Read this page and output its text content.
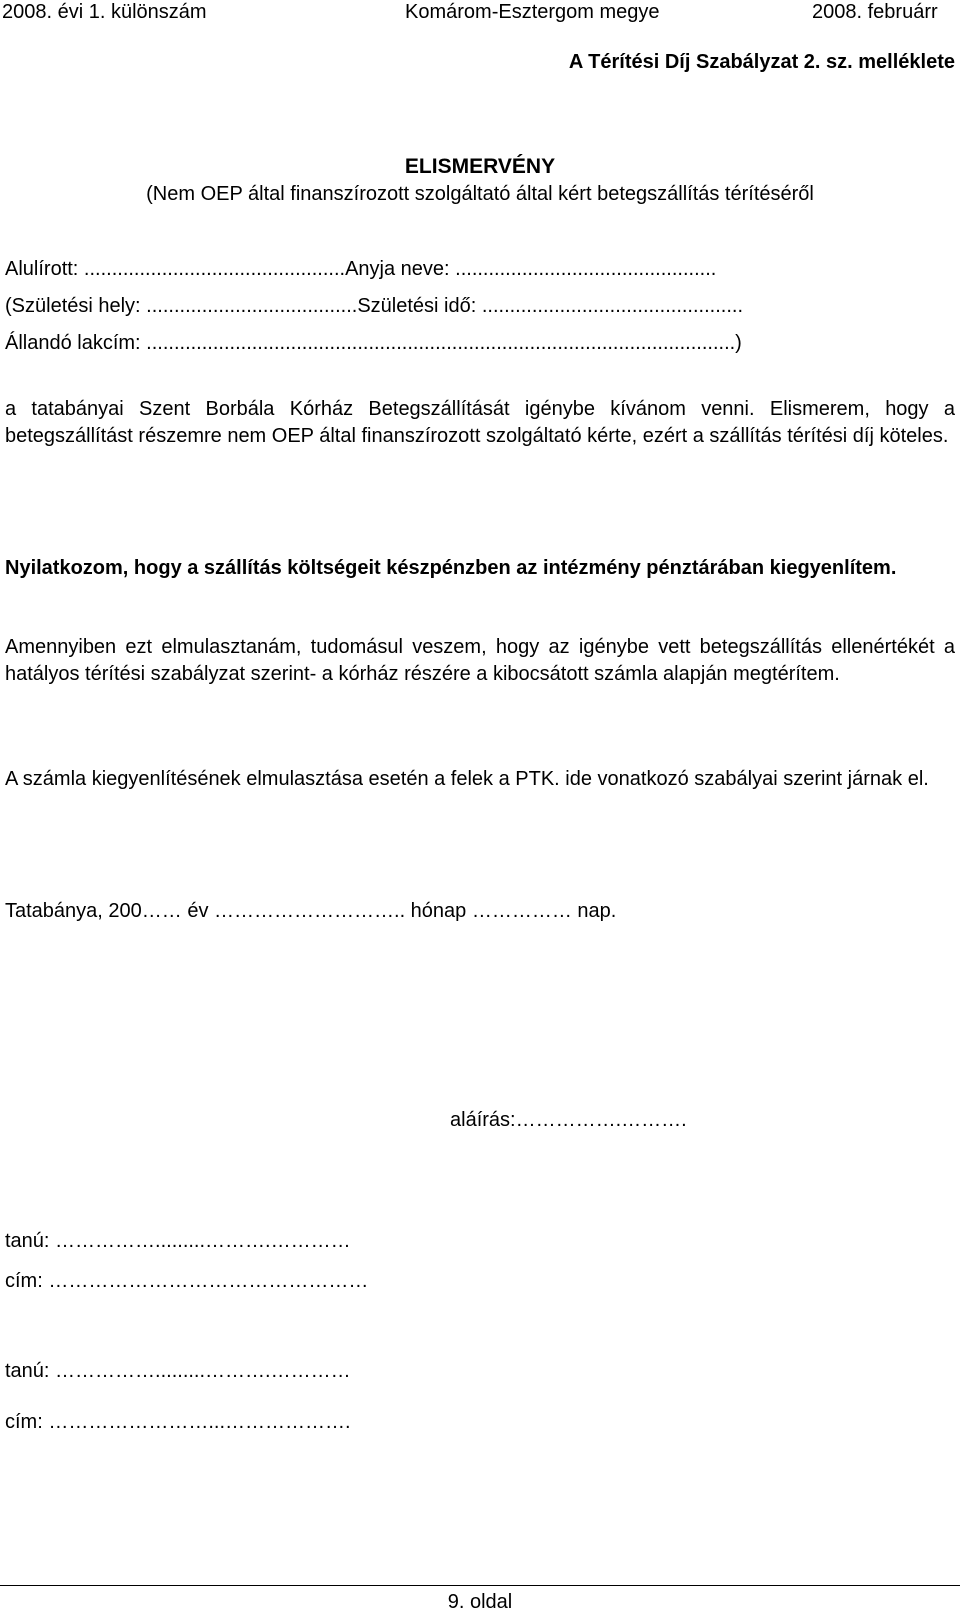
2008. évi 1. különszám	Komárom-Esztergom megye	2008. februárr
A Térítési Díj Szabályzat 2. sz. melléklete
ELISMERVÉNY
(Nem OEP által finanszírozott szolgáltató által kért betegszállítás térítéséről
Alulírott: ...............................................Anyja neve: ...............................................
(Születési hely: ......................................Születési idő: ...............................................
Állandó lakcím: ..........................................................................................................)
a tatabányai Szent Borbála Kórház Betegszállítását igénybe kívánom venni. Elismerem, hogy a betegszállítást részemre nem OEP által finanszírozott szolgáltató kérte, ezért a szállítás térítési díj köteles.
Nyilatkozom, hogy a szállítás költségeit készpénzben az intézmény pénztárában kiegyenlítem.
Amennyiben ezt elmulasztanám, tudomásul veszem, hogy az igénybe vett betegszállítás ellenértékét a hatályos térítési szabályzat szerint- a kórház részére a kibocsátott számla alapján megtérítem.
A számla kiegyenlítésének elmulasztása esetén a felek a PTK. ide vonatkozó szabályai szerint járnak el.
Tatabánya, 200…… év ……………………….. hónap …………… nap.
aláírás:…………….……….
tanú: …………….........……….…………
cím: …………………………………………
tanú: …………….........……….…………
cím: ……………………...……………….
9. oldal
